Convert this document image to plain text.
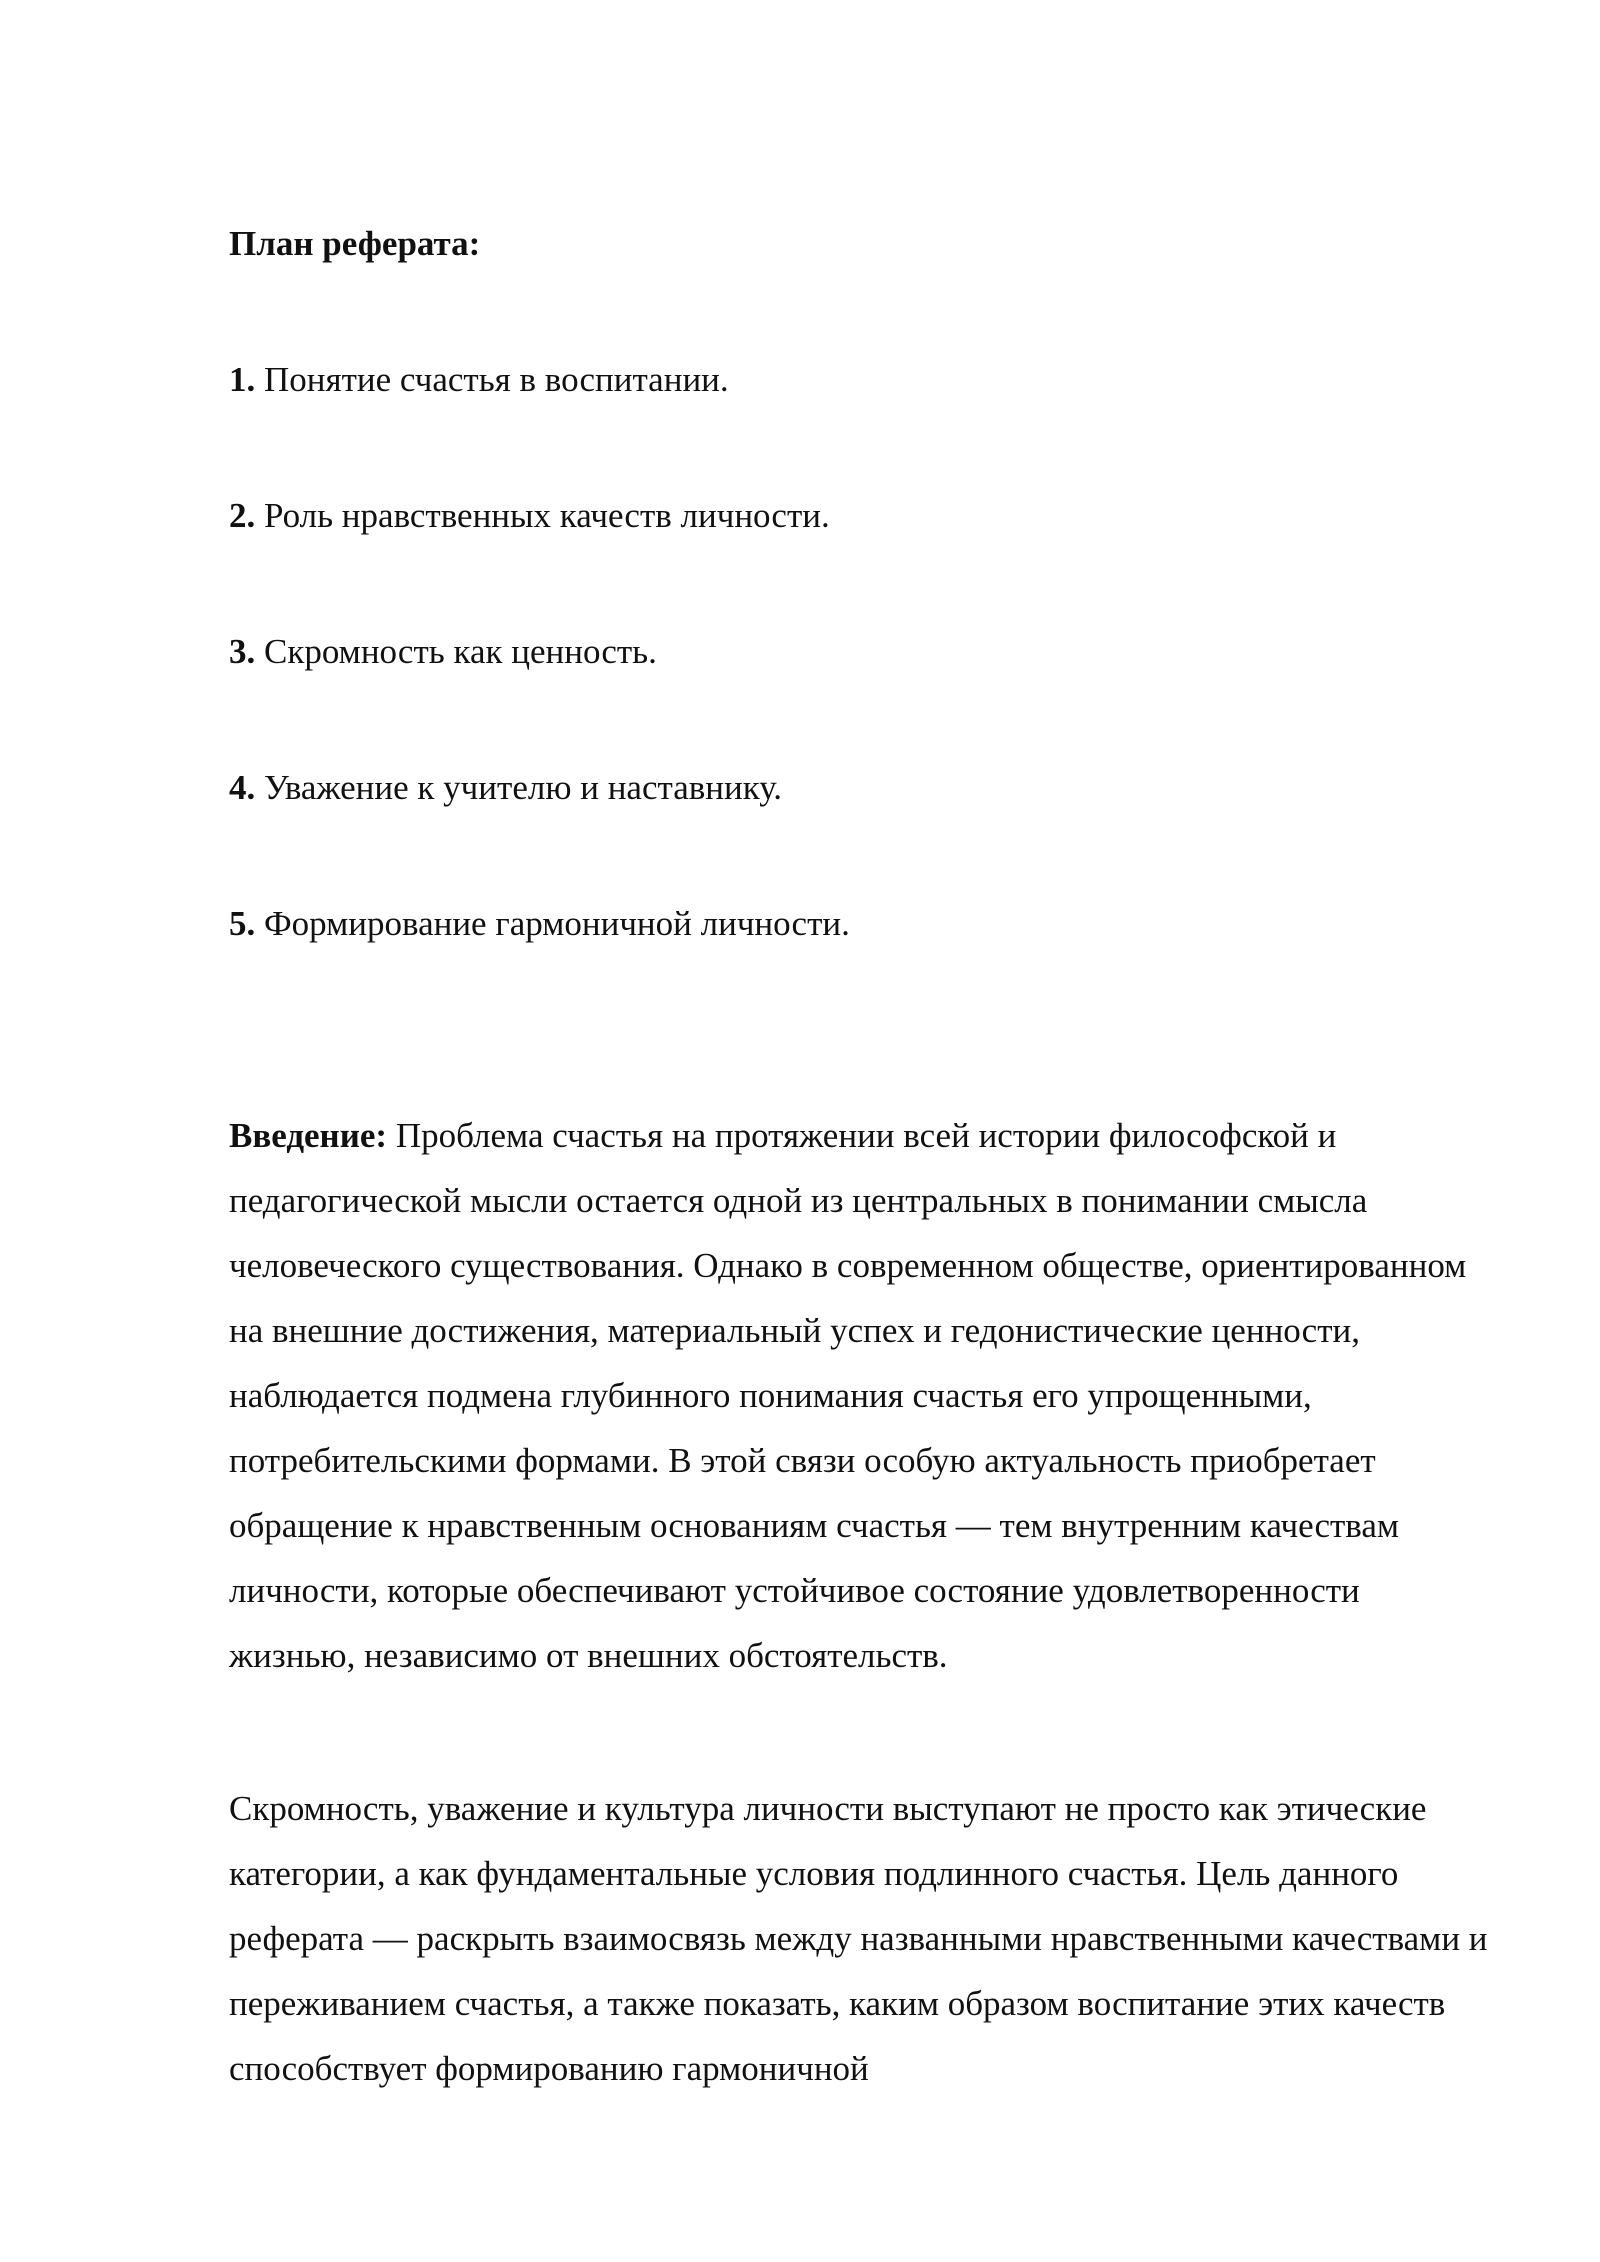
План реферата:

1. Понятие счастья в воспитании.

2. Роль нравственных качеств личности.

3. Скромность как ценность.

4. Уважение к учителю и наставнику.

5. Формирование гармоничной личности.

Введение: Проблема счастья на протяжении всей истории философской и педагогической мысли остается одной из центральных в понимании смысла человеческого существования. Однако в современном обществе, ориентированном на внешние достижения, материальный успех и гедонистические ценности, наблюдается подмена глубинного понимания счастья его упрощенными, потребительскими формами. В этой связи особую актуальность приобретает обращение к нравственным основаниям счастья — тем внутренним качествам личности, которые обеспечивают устойчивое состояние удовлетворенности жизнью, независимо от внешних обстоятельств.

Скромность, уважение и культура личности выступают не просто как этические категории, а как фундаментальные условия подлинного счастья. Цель данного реферата — раскрыть взаимосвязь между названными нравственными качествами и переживанием счастья, а также показать, каким образом воспитание этих качеств способствует формированию гармоничной
